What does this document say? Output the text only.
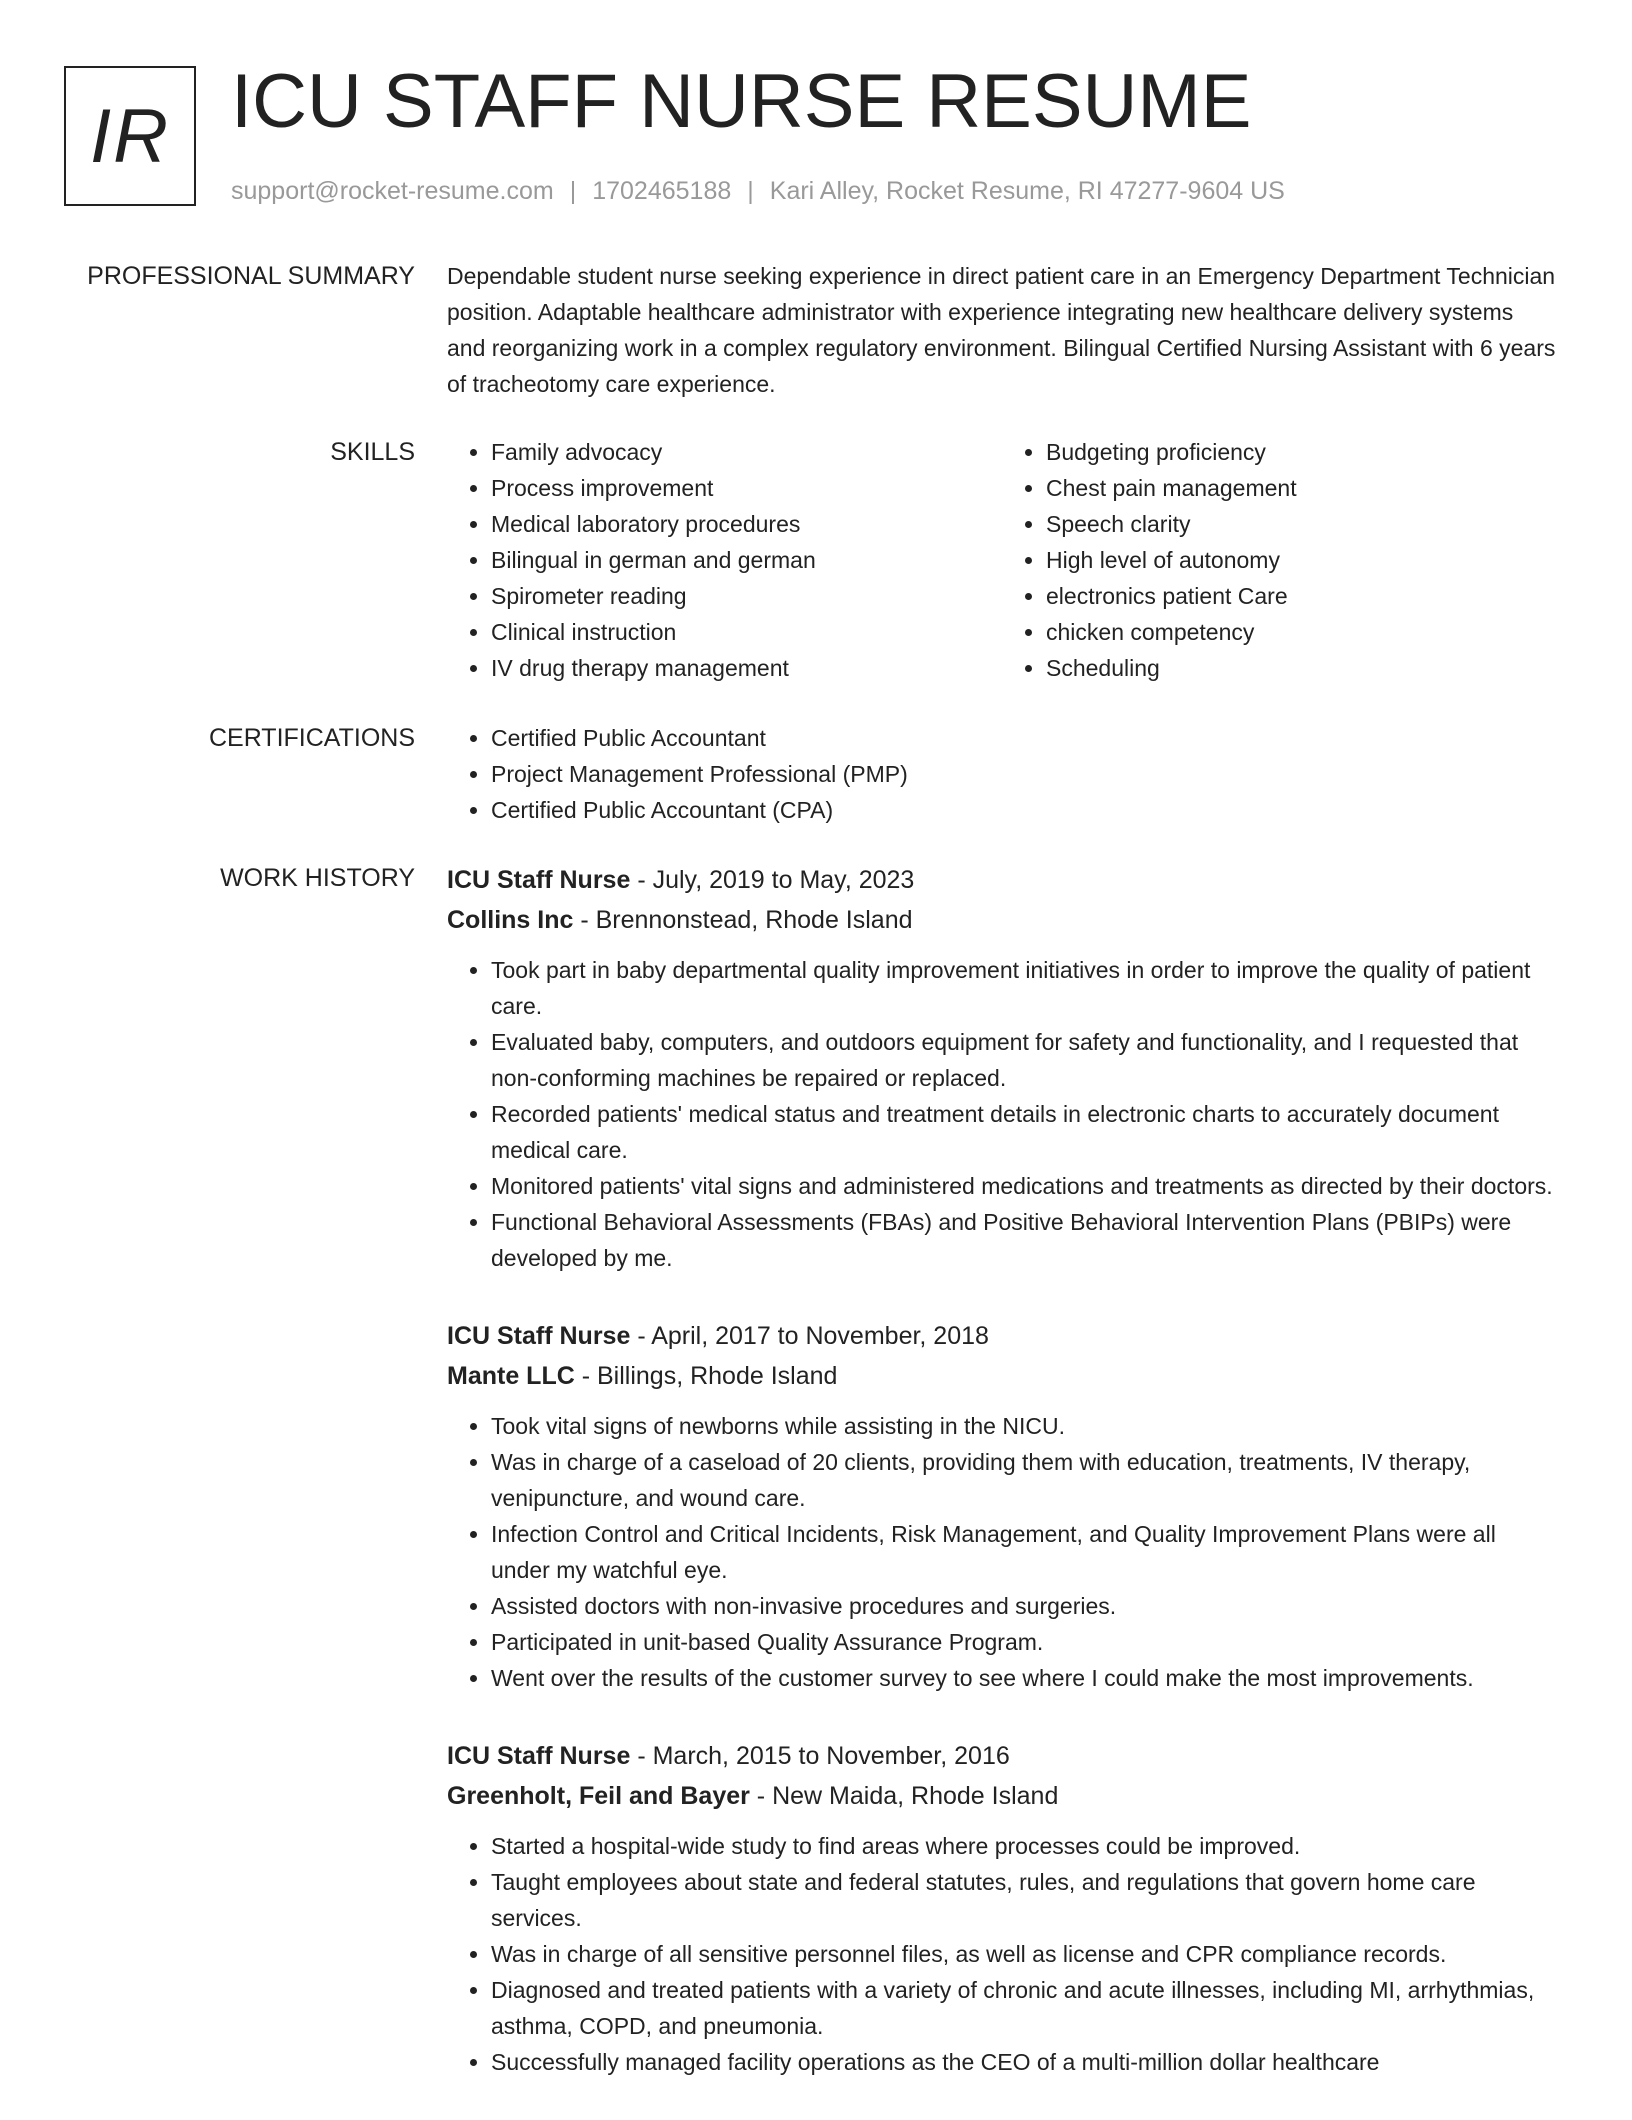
IR ICU STAFF NURSE RESUME
support@rocket-resume.com | 1702465188 | Kari Alley, Rocket Resume, RI 47277-9604 US
PROFESSIONAL SUMMARY Dependable student nurse seeking experience in direct patient care in an Emergency Department Technician position. Adaptable healthcare administrator with experience integrating new healthcare delivery systems and reorganizing work in a complex regulatory environment. Bilingual Certified Nursing Assistant with 6 years of tracheotomy care experience.

SKILLS	• Family advocacy
• Process improvement
• Medical laboratory procedures
• Bilingual in german and german
• Spirometer reading
• Clinical instruction
• IV drug therapy management
• Budgeting proficiency
• Chest pain management
• Speech clarity
• High level of autonomy
• electronics patient Care
• chicken competency
• Scheduling
CERTIFICATIONS	• Certified Public Accountant
• Project Management Professional (PMP)
• Certified Public Accountant (CPA)
WORK HISTORY ICU Staff Nurse - July, 2019 to May, 2023
Collins Inc - Brennonstead, Rhode Island
• Took part in baby departmental quality improvement initiatives in order to improve the quality of patient care.
• Evaluated baby, computers, and outdoors equipment for safety and functionality, and I requested that non-conforming machines be repaired or replaced.
• Recorded patients' medical status and treatment details in electronic charts to accurately document medical care.
• Monitored patients' vital signs and administered medications and treatments as directed by their doctors.
• Functional Behavioral Assessments (FBAs) and Positive Behavioral Intervention Plans (PBIPs) were developed by me.
ICU Staff Nurse - April, 2017 to November, 2018
Mante LLC - Billings, Rhode Island
• Took vital signs of newborns while assisting in the NICU.
• Was in charge of a caseload of 20 clients, providing them with education, treatments, IV therapy, venipuncture, and wound care.
• Infection Control and Critical Incidents, Risk Management, and Quality Improvement Plans were all under my watchful eye.
• Assisted doctors with non-invasive procedures and surgeries.
• Participated in unit-based Quality Assurance Program.
• Went over the results of the customer survey to see where I could make the most improvements.
ICU Staff Nurse - March, 2015 to November, 2016
Greenholt, Feil and Bayer - New Maida, Rhode Island
• Started a hospital-wide study to find areas where processes could be improved.
• Taught employees about state and federal statutes, rules, and regulations that govern home care services.
• Was in charge of all sensitive personnel files, as well as license and CPR compliance records.
• Diagnosed and treated patients with a variety of chronic and acute illnesses, including MI, arrhythmias, asthma, COPD, and pneumonia.
• Successfully managed facility operations as the CEO of a multi-million dollar healthcare
